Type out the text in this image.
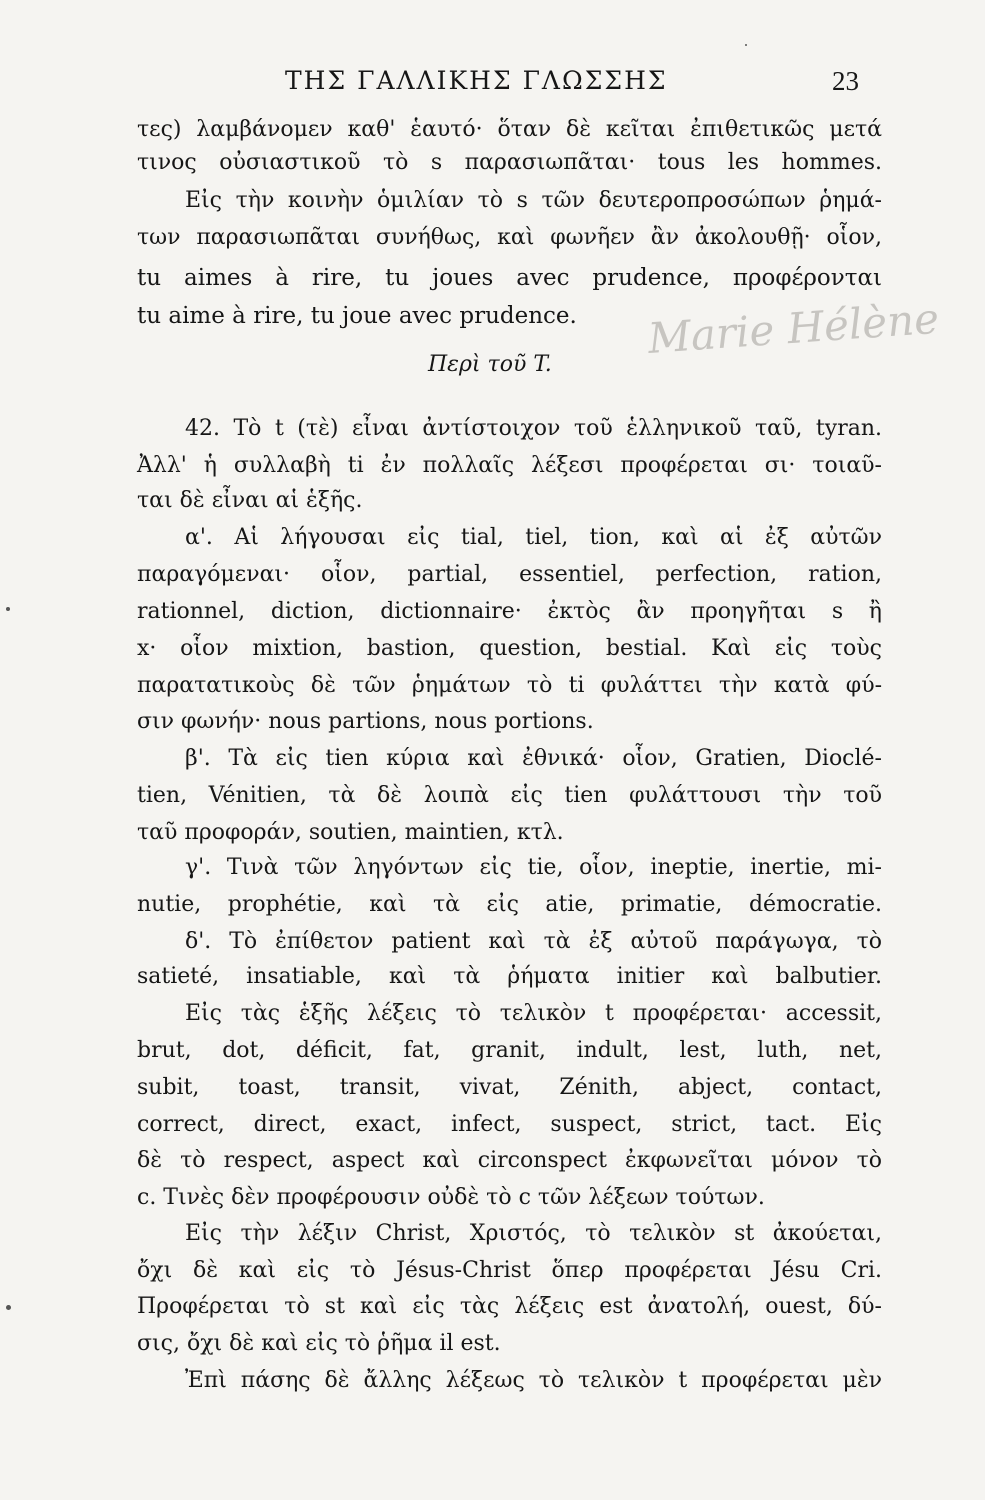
ΤΗΣ ΓΑΛΛΙΚΗΣ ΓΛΩΣΣΗΣ	23
Marie Hélène
τες) λαμβάνομεν καθ' ἑαυτό· ὅταν δὲ κεῖται ἐπιθετικῶς μετά
τινος οὐσιαστικοῦ τὸ s παρασιωπᾶται· tous les hommes.
Εἰς τὴν κοινὴν ὁμιλίαν τὸ s τῶν δευτεροπροσώπων ῥημά-
των παρασιωπᾶται συνήθως, καὶ φωνῆεν ἂν ἀκολουθῇ· οἷον,
tu aimes à rire, tu joues avec prudence, προφέρονται
tu aime à rire, tu joue avec prudence.
Περὶ τοῦ T.
42. Τὸ t (τὲ) εἶναι ἀντίστοιχον τοῦ ἑλληνικοῦ ταῦ, tyran.
Ἀλλ' ἡ συλλαβὴ ti ἐν πολλαῖς λέξεσι προφέρεται σι· τοιαῦ-
ται δὲ εἶναι αἱ ἑξῆς.
α'. Αἱ λήγουσαι εἰς tial, tiel, tion, καὶ αἱ ἐξ αὐτῶν
παραγόμεναι· οἷον, partial, essentiel, perfection, ration,
rationnel, diction, dictionnaire· ἐκτὸς ἂν προηγῆται s ἢ
x· οἷον mixtion, bastion, question, bestial. Καὶ εἰς τοὺς
παρατατικοὺς δὲ τῶν ῥημάτων τὸ ti φυλάττει τὴν κατὰ φύ-
σιν φωνήν· nous partions, nous portions.
β'. Τὰ εἰς tien κύρια καὶ ἐθνικά· οἷον, Gratien, Dioclé-
tien, Vénitien, τὰ δὲ λοιπὰ εἰς tien φυλάττουσι τὴν τοῦ
ταῦ προφοράν, soutien, maintien, κτλ.
γ'. Τινὰ τῶν ληγόντων εἰς tie, οἷον, ineptie, inertie, mi-
nutie, prophétie, καὶ τὰ εἰς atie, primatie, démocratie.
δ'. Τὸ ἐπίθετον patient καὶ τὰ ἐξ αὐτοῦ παράγωγα, τὸ
satieté, insatiable, καὶ τὰ ῥήματα initier καὶ balbutier.
Εἰς τὰς ἑξῆς λέξεις τὸ τελικὸν t προφέρεται· accessit,
brut, dot, déficit, fat, granit, indult, lest, luth, net,
subit, toast, transit, vivat, Zénith, abject, contact,
correct, direct, exact, infect, suspect, strict, tact. Εἰς
δὲ τὸ respect, aspect καὶ circonspect ἐκφωνεῖται μόνον τὸ
c. Τινὲς δὲν προφέρουσιν οὐδὲ τὸ c τῶν λέξεων τούτων.
Εἰς τὴν λέξιν Christ, Χριστός, τὸ τελικὸν st ἀκούεται,
ὄχι δὲ καὶ εἰς τὸ Jésus-Christ ὅπερ προφέρεται Jésu Cri.
Προφέρεται τὸ st καὶ εἰς τὰς λέξεις est ἀνατολή, ouest, δύ-
σις, ὄχι δὲ καὶ εἰς τὸ ῥῆμα il est.
Ἐπὶ πάσης δὲ ἄλλης λέξεως τὸ τελικὸν t προφέρεται μὲν
